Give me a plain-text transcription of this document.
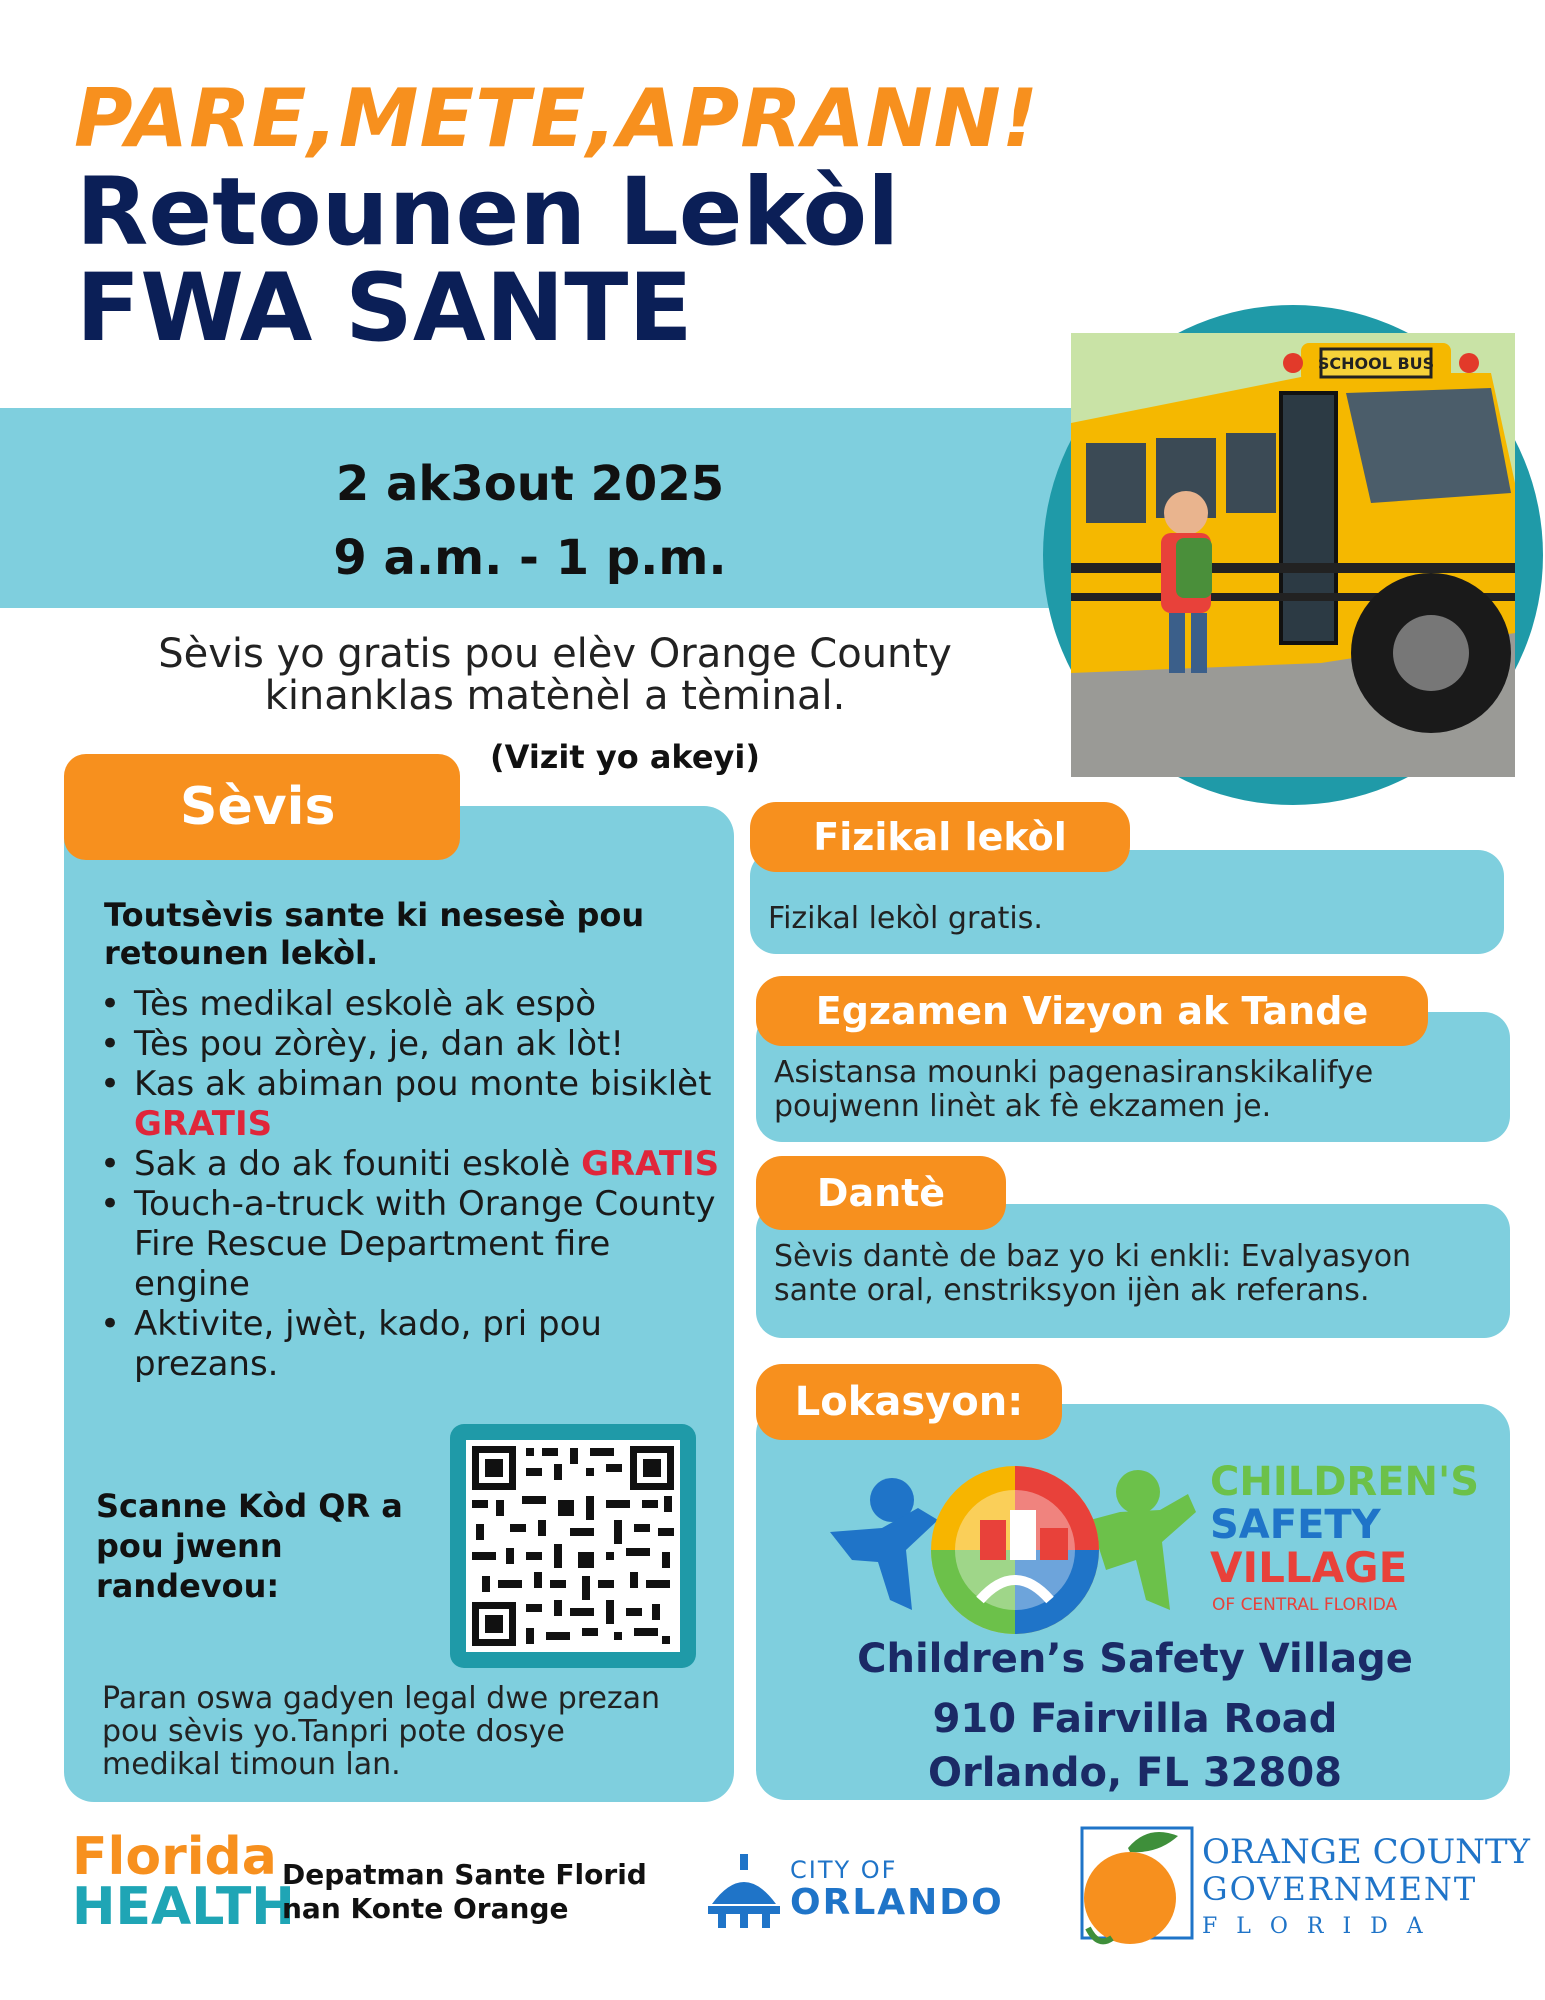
PARE,METE,APRANN!
Retounen Lekòl
FWA SANTE
2 ak3out 2025
9 a.m. - 1 p.m.
SCHOOL BUS
Sèvis yo gratis pou elèv Orange County
kinanklas matènèl a tèminal.
(Vizit yo akeyi)
Sèvis
Toutsèvis sante ki nesesè pou retounen lekòl.
• Tès medikal eskolè ak espò
• Tès pou zòrèy, je, dan ak lòt!
• Kas ak abiman pou monte bisiklèt GRATIS
• Sak a do ak founiti eskolè GRATIS
• Touch-a-truck with Orange County Fire Rescue Department fire engine
• Aktivite, jwèt, kado, pri pou prezans.
Scanne Kòd QR a pou jwenn randevou:
Paran oswa gadyen legal dwe prezan pou sèvis yo.Tanpri pote dosye medikal timoun lan.
Fizikal lekòl
Fizikal lekòl gratis.
Egzamen Vizyon ak Tande
Asistansa mounki pagenasiranskikalifye poujwenn linèt ak fè ekzamen je.
Dantè
Sèvis dantè de baz yo ki enkli: Evalyasyon sante oral, enstriksyon ijèn ak referans.
Lokasyon:
CHILDREN'S
SAFETY
VILLAGE
OF CENTRAL FLORIDA
Children’s Safety Village
910 Fairvilla Road
Orlando, FL 32808
Florida
HEALTH
Depatman Sante Florid
nan Konte Orange
CITY OF
ORLANDO
ORANGE COUNTY
GOVERNMENT
F L O R I D A
